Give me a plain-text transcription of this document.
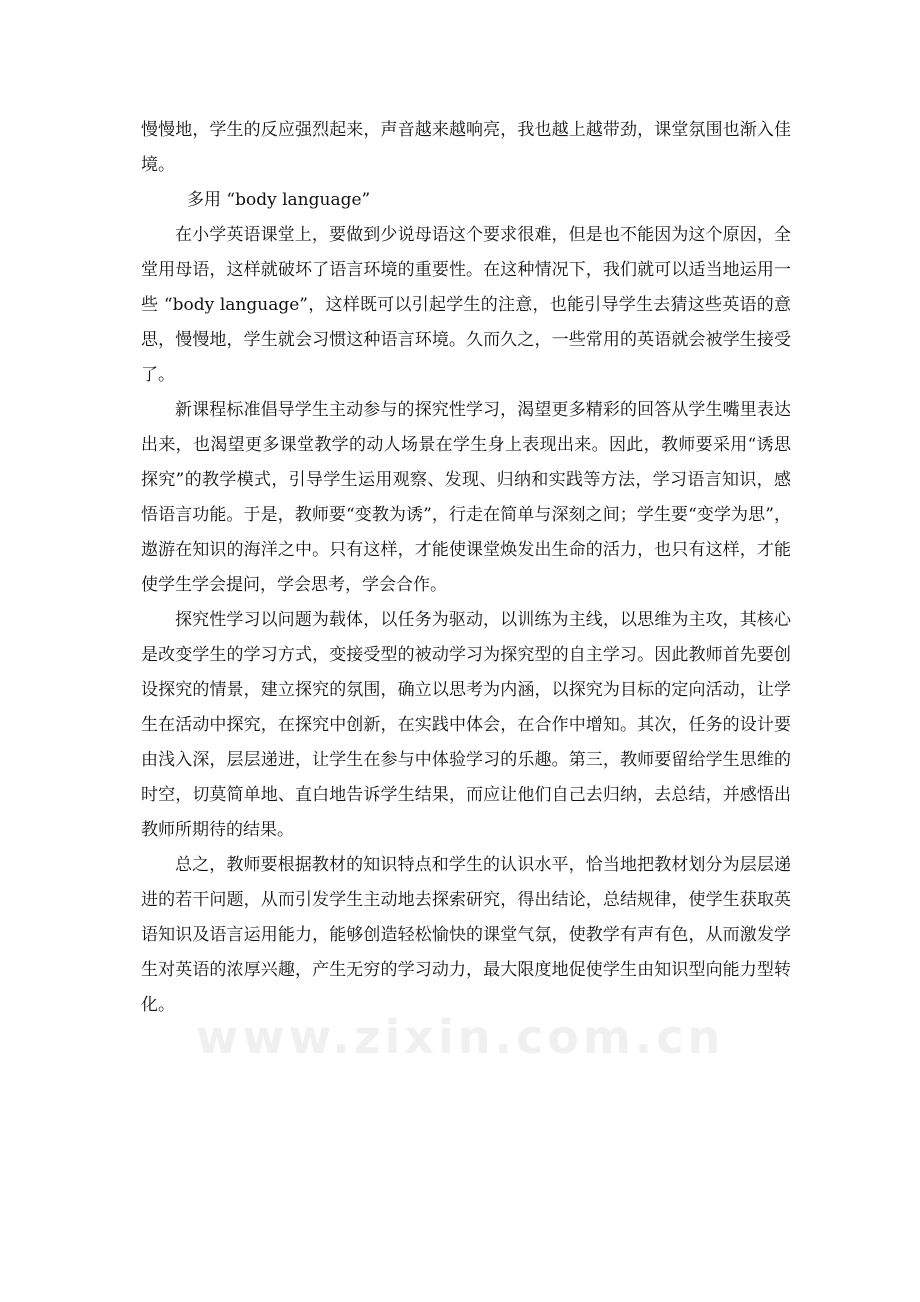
慢慢地，学生的反应强烈起来，声音越来越响亮，我也越上越带劲，课堂氛围也渐入佳境。

多用 “body language”

在小学英语课堂上，要做到少说母语这个要求很难，但是也不能因为这个原因，全堂用母语，这样就破坏了语言环境的重要性。在这种情况下，我们就可以适当地运用一些 “body language”，这样既可以引起学生的注意，也能引导学生去猜这些英语的意思，慢慢地，学生就会习惯这种语言环境。久而久之，一些常用的英语就会被学生接受了。

新课程标准倡导学生主动参与的探究性学习，渴望更多精彩的回答从学生嘴里表达出来，也渴望更多课堂教学的动人场景在学生身上表现出来。因此，教师要采用“诱思探究”的教学模式，引导学生运用观察、发现、归纳和实践等方法，学习语言知识，感悟语言功能。于是，教师要“变教为诱”，行走在简单与深刻之间；学生要“变学为思”，遨游在知识的海洋之中。只有这样，才能使课堂焕发出生命的活力，也只有这样，才能使学生学会提问，学会思考，学会合作。

探究性学习以问题为载体，以任务为驱动，以训练为主线，以思维为主攻，其核心是改变学生的学习方式，变接受型的被动学习为探究型的自主学习。因此教师首先要创设探究的情景，建立探究的氛围，确立以思考为内涵，以探究为目标的定向活动，让学生在活动中探究，在探究中创新，在实践中体会，在合作中增知。其次，任务的设计要由浅入深，层层递进，让学生在参与中体验学习的乐趣。第三，教师要留给学生思维的时空，切莫简单地、直白地告诉学生结果，而应让他们自己去归纳，去总结，并感悟出教师所期待的结果。

总之，教师要根据教材的知识特点和学生的认识水平，恰当地把教材划分为层层递进的若干问题，从而引发学生主动地去探索研究，得出结论，总结规律，使学生获取英语知识及语言运用能力，能够创造轻松愉快的课堂气氛，使教学有声有色，从而激发学生对英语的浓厚兴趣，产生无穷的学习动力，最大限度地促使学生由知识型向能力型转化。

www.zixin.com.cn
